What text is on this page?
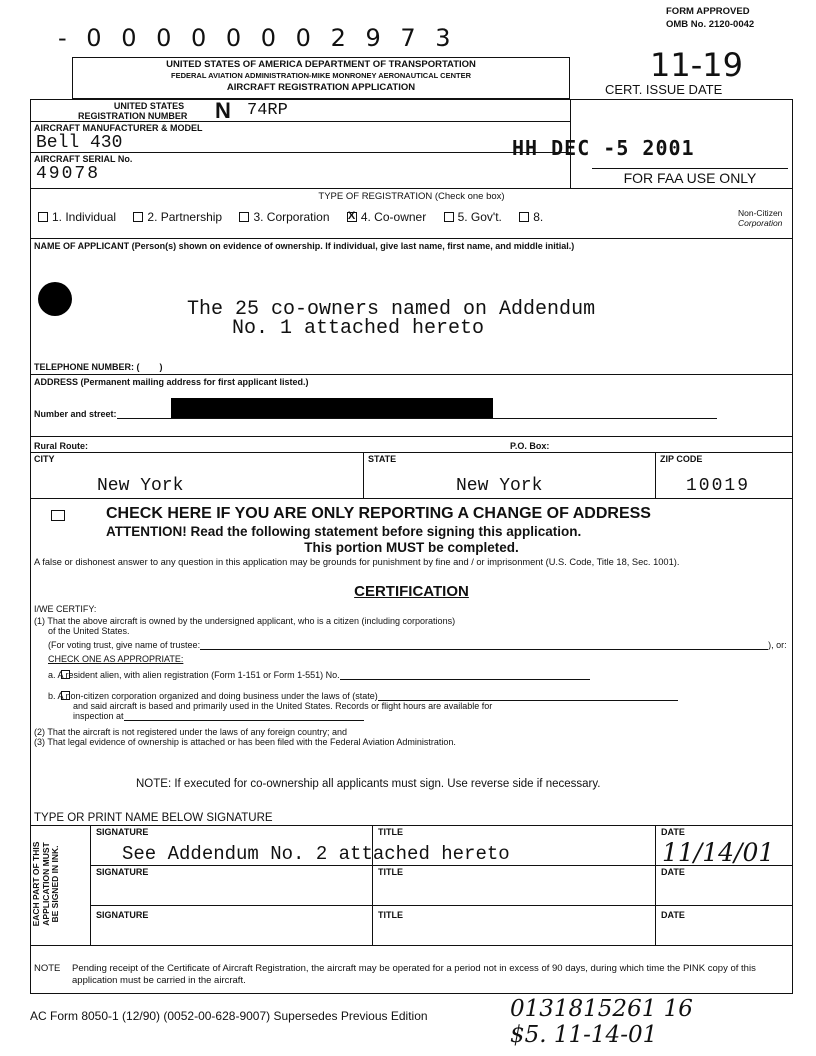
- 0 0 0 0 0 0 0 2 9 7 3
FORM APPROVED
OMB No. 2120-0042
UNITED STATES OF AMERICA DEPARTMENT OF TRANSPORTATION
FEDERAL AVIATION ADMINISTRATION-MIKE MONRONEY AERONAUTICAL CENTER
AIRCRAFT REGISTRATION APPLICATION
11-19
CERT. ISSUE DATE
UNITED STATES
REGISTRATION NUMBER N 74RP
AIRCRAFT MANUFACTURER & MODEL
Bell 430
AIRCRAFT SERIAL No.
49078
HH DEC -5 2001
FOR FAA USE ONLY
TYPE OF REGISTRATION (Check one box)
1. Individual	2. Partnership	3. Corporation X	4. Co-owner	5. Gov't.	8.	Non-Citizen
Corporation
NAME OF APPLICANT (Person(s) shown on evidence of ownership. If individual, give last name, first name, and middle initial.)
The 25 co-owners named on Addendum
No. 1 attached hereto
TELEPHONE NUMBER: (        )
ADDRESS (Permanent mailing address for first applicant listed.)
Number and street:
Rural Route:	P.O. Box:
CITY	STATE	ZIP CODE
New York	New York	10019
CHECK HERE IF YOU ARE ONLY REPORTING A CHANGE OF ADDRESS
ATTENTION! Read the following statement before signing this application.
This portion MUST be completed.
A false or dishonest answer to any question in this application may be grounds for punishment by fine and / or imprisonment (U.S. Code, Title 18, Sec. 1001).
CERTIFICATION
I/WE CERTIFY:
(1) That the above aircraft is owned by the undersigned applicant, who is a citizen (including corporations)
of the United States.
(For voting trust, give name of trustee:	), or:
CHECK ONE AS APPROPRIATE:
a. A resident alien, with alien registration (Form 1-151 or Form 1-551) No.
b. A non-citizen corporation organized and doing business under the laws of (state)
and said aircraft is based and primarily used in the United States. Records or flight hours are available for
inspection at
(2) That the aircraft is not registered under the laws of any foreign country; and
(3) That legal evidence of ownership is attached or has been filed with the Federal Aviation Administration.
NOTE: If executed for co-ownership all applicants must sign. Use reverse side if necessary.
TYPE OR PRINT NAME BELOW SIGNATURE
EACH PART OF THIS APPLICATION MUST BE SIGNED IN INK.
SIGNATURE	TITLE	DATE
See Addendum No. 2 attached hereto	11/14/01
SIGNATURE	TITLE	DATE
SIGNATURE	TITLE	DATE
NOTE Pending receipt of the Certificate of Aircraft Registration, the aircraft may be operated for a period not in excess of 90 days, during which time the PINK copy of this application must be carried in the aircraft.
AC Form 8050-1 (12/90) (0052-00-628-9007) Supersedes Previous Edition	0131815261 16
$5. 11-14-01
